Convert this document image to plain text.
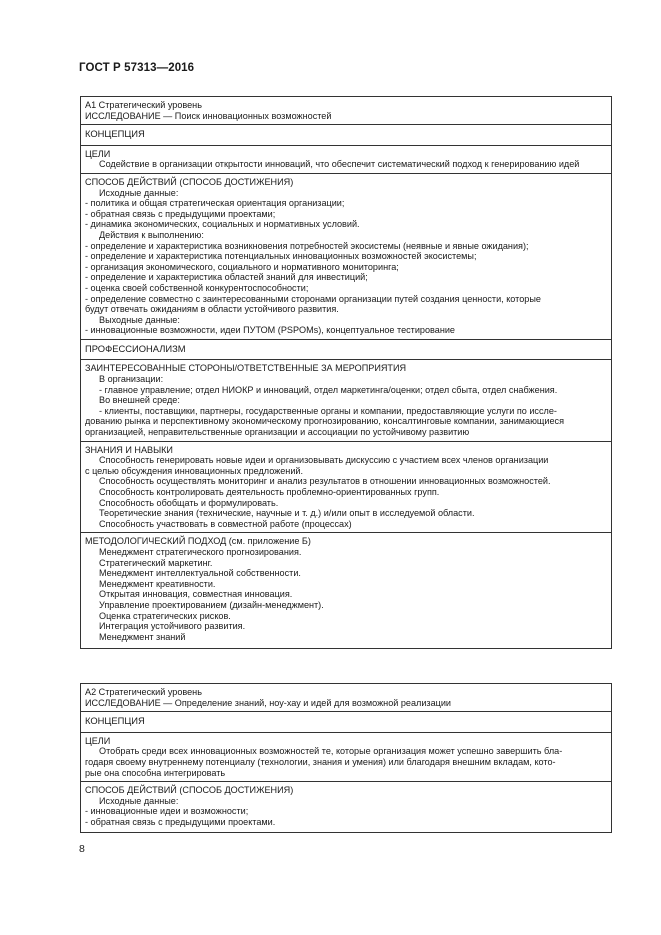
ГОСТ Р 57313—2016
А1 Стратегический уровень
ИССЛЕДОВАНИЕ — Поиск инновационных возможностей
КОНЦЕПЦИЯ
ЦЕЛИ
Содействие в организации открытости инноваций, что обеспечит систематический подход к генерированию идей
СПОСОБ ДЕЙСТВИЙ (СПОСОБ ДОСТИЖЕНИЯ)
Исходные данные:
- политика и общая стратегическая ориентация организации;
- обратная связь с предыдущими проектами;
- динамика экономических, социальных и нормативных условий.
Действия к выполнению:
- определение и характеристика возникновения потребностей экосистемы (неявные и явные ожидания);
- определение и характеристика потенциальных инновационных возможностей экосистемы;
- организация экономического, социального и нормативного мониторинга;
- определение и характеристика областей знаний для инвестиций;
- оценка своей собственной конкурентоспособности;
- определение совместно с заинтересованными сторонами организации путей создания ценности, которые
будут отвечать ожиданиям в области устойчивого развития.
Выходные данные:
- инновационные возможности, идеи ПУТОМ (PSPOMs), концептуальное тестирование
ПРОФЕССИОНАЛИЗМ
ЗАИНТЕРЕСОВАННЫЕ СТОРОНЫ/ОТВЕТСТВЕННЫЕ ЗА МЕРОПРИЯТИЯ
В организации:
- главное управление; отдел НИОКР и инноваций, отдел маркетинга/оценки; отдел сбыта, отдел снабжения.
Во внешней среде:
- клиенты, поставщики, партнеры, государственные органы и компании, предоставляющие услуги по иссле-
дованию рынка и перспективному экономическому прогнозированию, консалтинговые компании, занимающиеся
организацией, неправительственные организации и ассоциации по устойчивому развитию
ЗНАНИЯ И НАВЫКИ
Способность генерировать новые идеи и организовывать дискуссию с участием всех членов организации
с целью обсуждения инновационных предложений.
Способность осуществлять мониторинг и анализ результатов в отношении инновационных возможностей.
Способность контролировать деятельность проблемно-ориентированных групп.
Способность обобщать и формулировать.
Теоретические знания (технические, научные и т. д.) и/или опыт в исследуемой области.
Способность участвовать в совместной работе (процессах)
МЕТОДОЛОГИЧЕСКИЙ ПОДХОД (см. приложение Б)
Менеджмент стратегического прогнозирования.
Стратегический маркетинг.
Менеджмент интеллектуальной собственности.
Менеджмент креативности.
Открытая инновация, совместная инновация.
Управление проектированием (дизайн-менеджмент).
Оценка стратегических рисков.
Интеграция устойчивого развития.
Менеджмент знаний
А2 Стратегический уровень
ИССЛЕДОВАНИЕ — Определение знаний, ноу-хау и идей для возможной реализации
КОНЦЕПЦИЯ
ЦЕЛИ
Отобрать среди всех инновационных возможностей те, которые организация может успешно завершить бла-
годаря своему внутреннему потенциалу (технологии, знания и умения) или благодаря внешним вкладам, кото-
рые она способна интегрировать
СПОСОБ ДЕЙСТВИЙ (СПОСОБ ДОСТИЖЕНИЯ)
Исходные данные:
- инновационные идеи и возможности;
- обратная связь с предыдущими проектами.
8
